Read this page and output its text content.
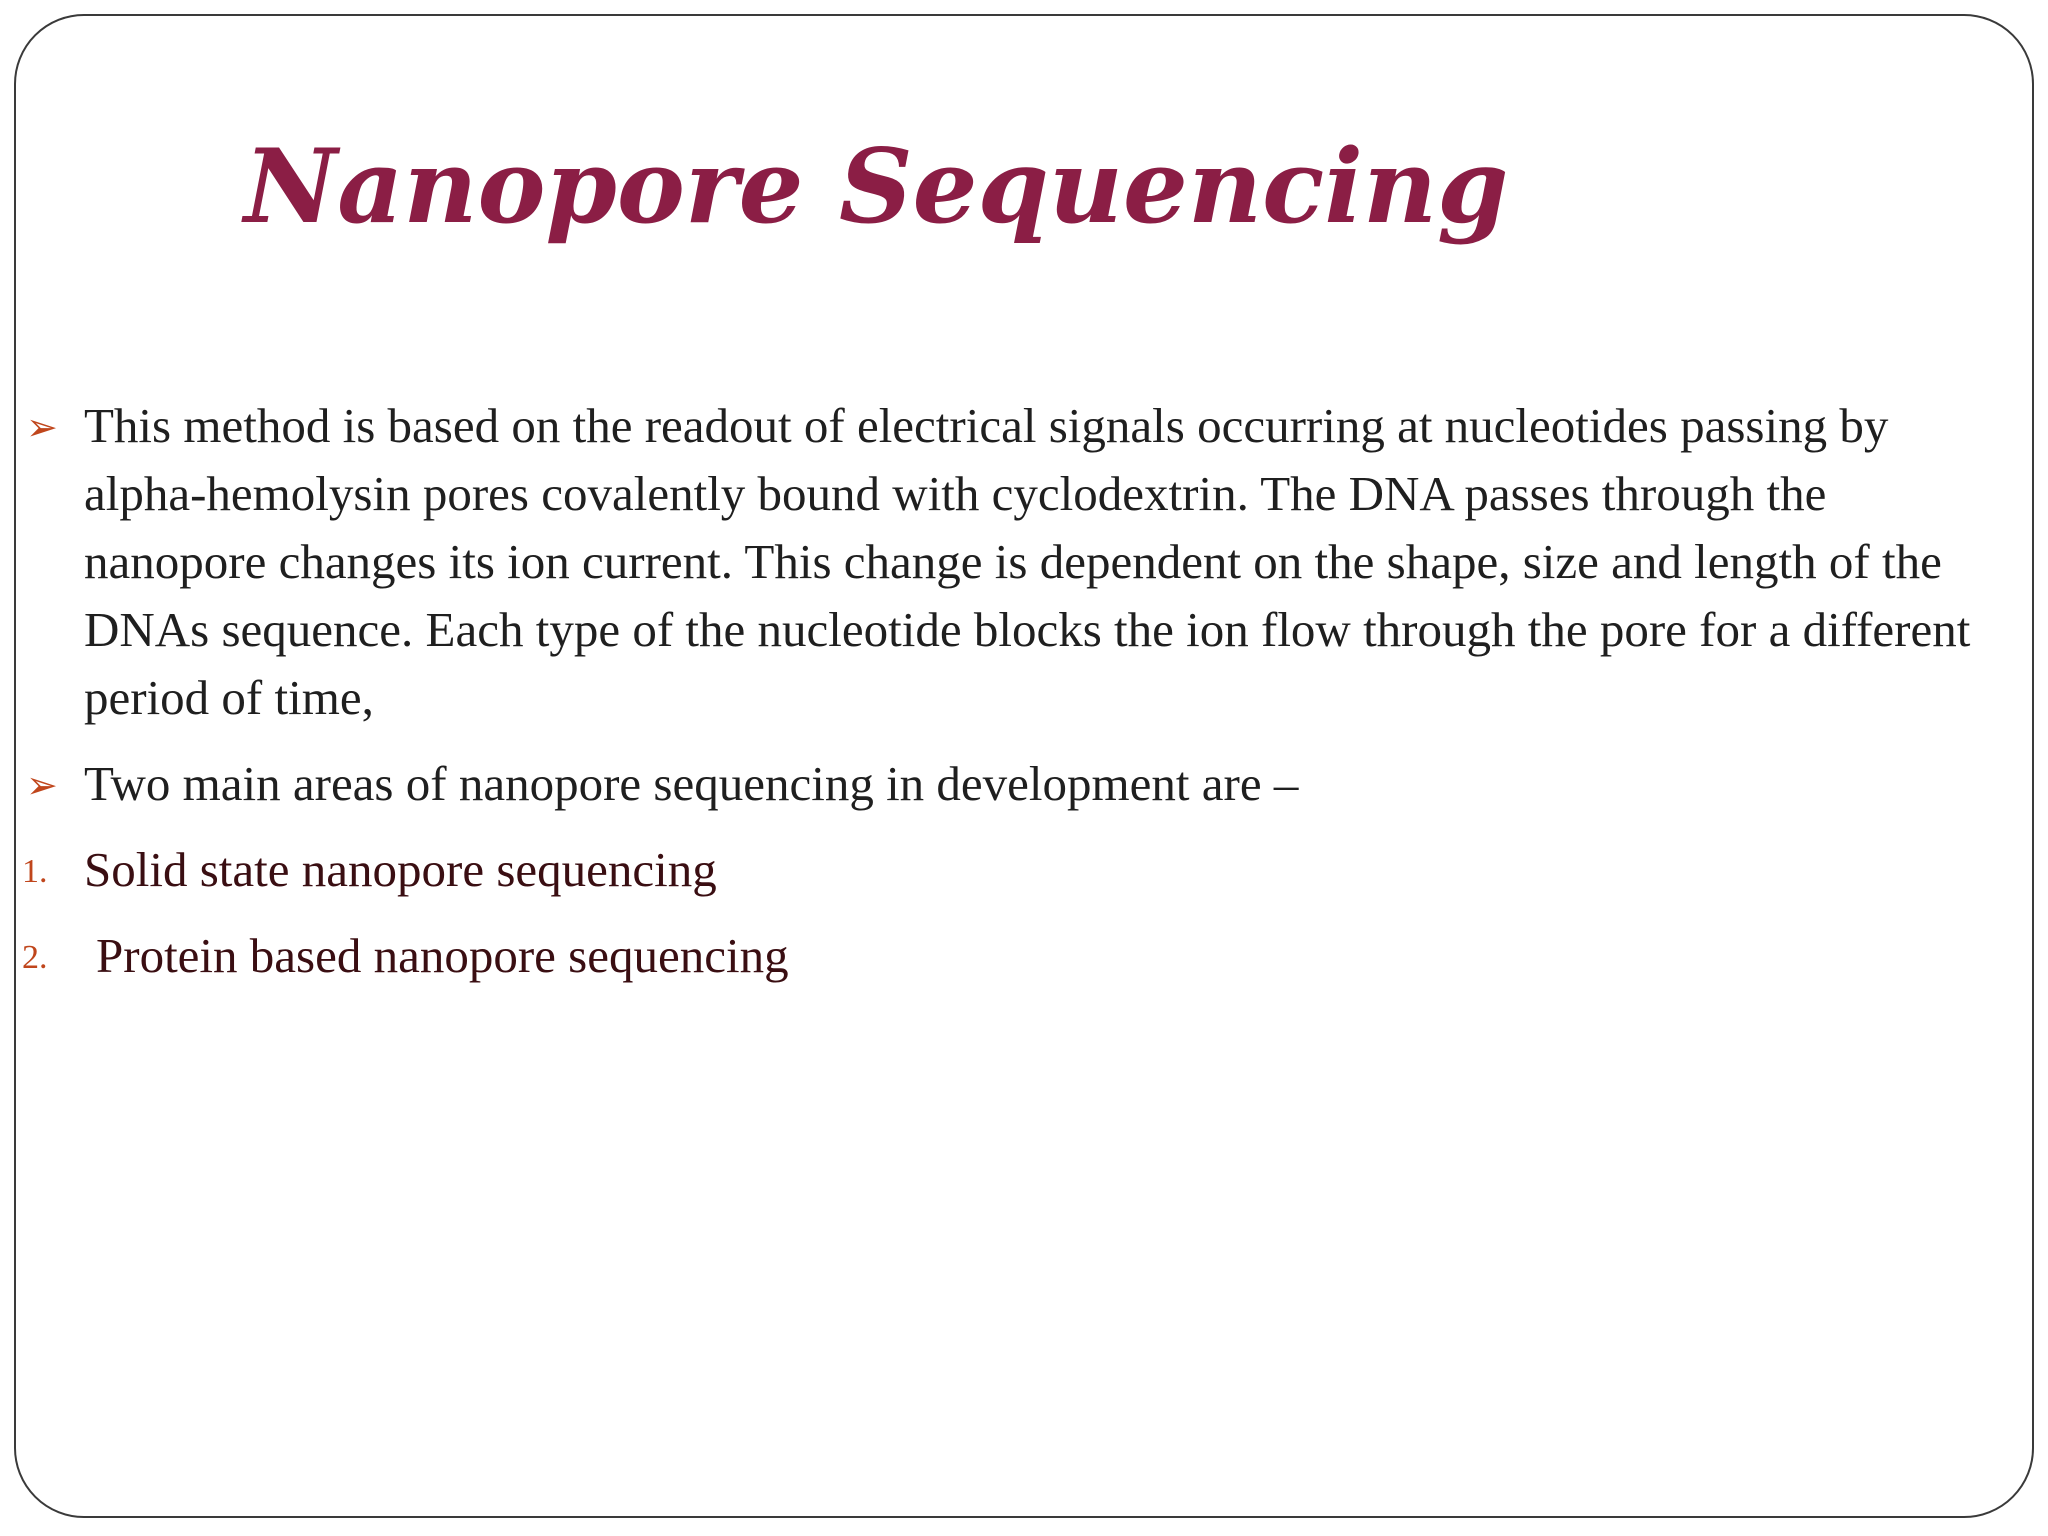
Nanopore Sequencing
➢ This method is based on the readout of electrical signals occurring at nucleotides passing by alpha-hemolysin pores covalently bound with cyclodextrin. The DNA passes through the nanopore changes its ion current. This change is dependent on the shape, size and length of the DNAs sequence. Each type of the nucleotide blocks the ion flow through the pore for a different period of time,
➢ Two main areas of nanopore sequencing in development are –
1. Solid state nanopore sequencing
2. Protein based nanopore sequencing
